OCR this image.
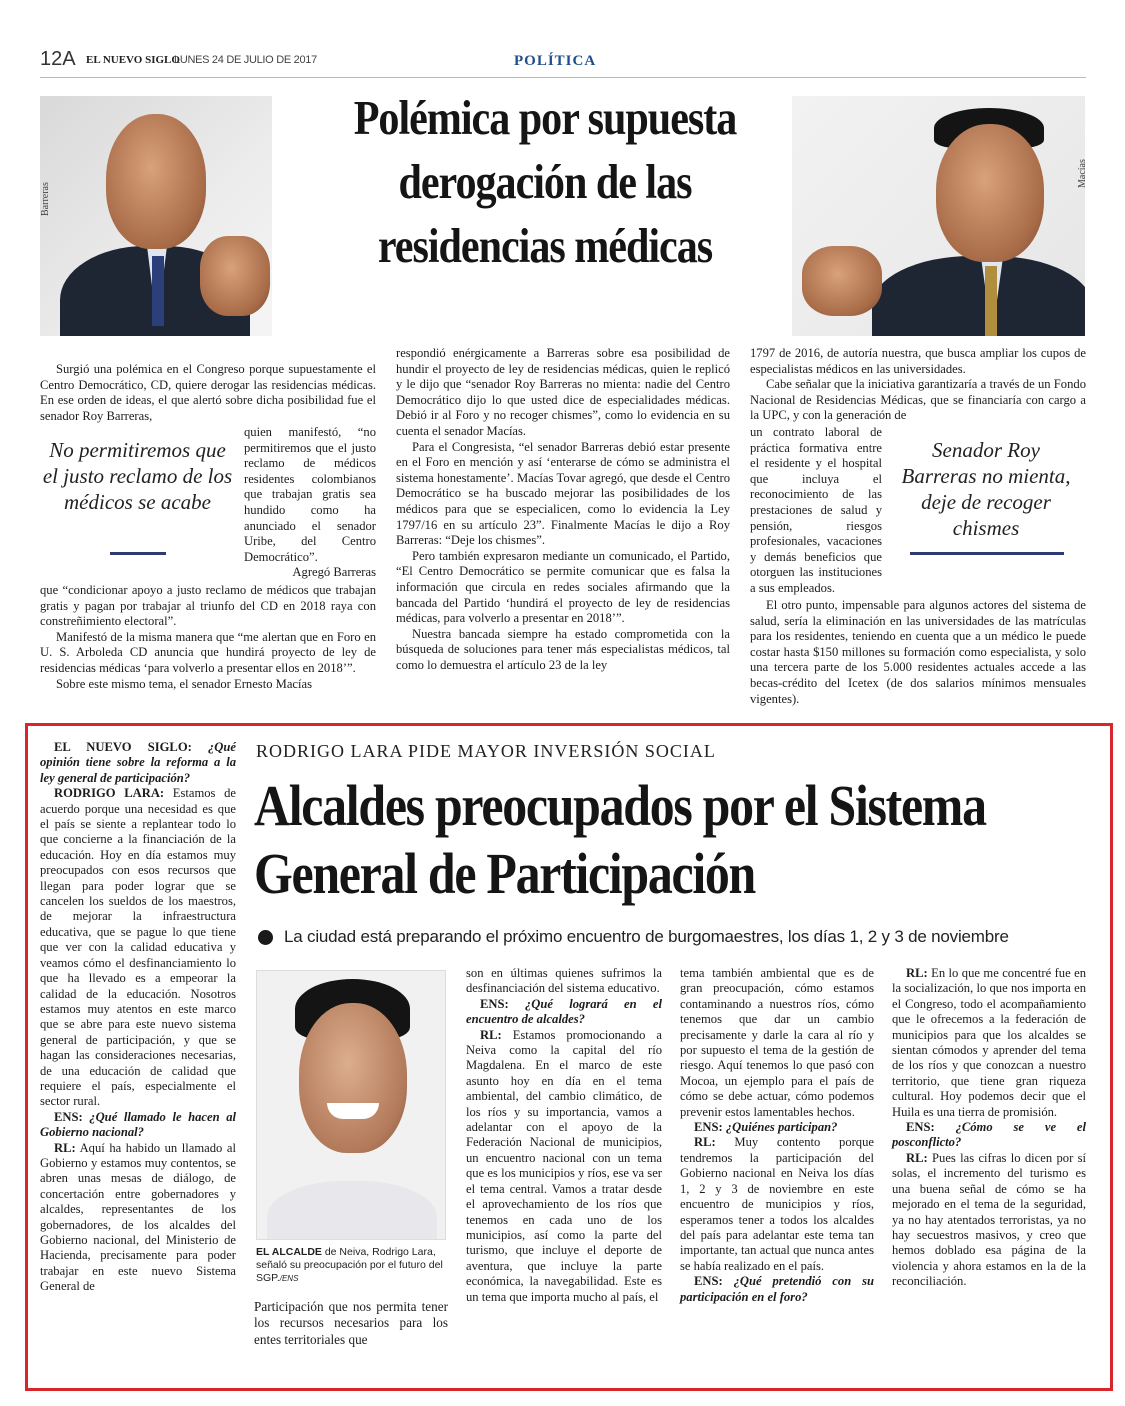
12A EL NUEVO SIGLO
LUNES 24 DE JULIO DE 2017	POLÍTICA
Barreras
Macías
Polémica por supuesta derogación de las residencias médicas

Surgió una polémica en el Congreso porque supuestamente el Centro Democrático, CD, quiere derogar las residencias médicas. En ese orden de ideas, el que alertó sobre dicha posibilidad fue el senador Roy Barreras,

quien manifestó, “no permitiremos que el justo reclamo de médicos residentes colombianos que trabajan gratis sea hundido como ha anunciado el senador Uribe, del Centro Democrático”.

Agregó Barreras

No permitiremos que el justo reclamo de los médicos se acabe

que “condicionar apoyo a justo reclamo de médicos que trabajan gratis y pagan por trabajar al triunfo del CD en 2018 raya con constreñimiento electoral”.

Manifestó de la misma manera que “me alertan que en Foro en U. S. Arboleda CD anuncia que hundirá proyecto de ley de residencias médicas ‘para volverlo a presentar ellos en 2018’”.

Sobre este mismo tema, el senador Ernesto Macías

respondió enérgicamente a Barreras sobre esa posibilidad de hundir el proyecto de ley de residencias médicas, quien le replicó y le dijo que “senador Roy Barreras no mienta: nadie del Centro Democrático dijo lo que usted dice de especialidades médicas. Debió ir al Foro y no recoger chismes”, como lo evidencia en su cuenta el senador Macías.

Para el Congresista, “el senador Barreras debió estar presente en el Foro en mención y así ‘enterarse de cómo se administra el sistema honestamente’. Macías Tovar agregó, que desde el Centro Democrático se ha buscado mejorar las posibilidades de los médicos para que se especialicen, como lo evidencia la Ley 1797/16 en su artículo 23”. Finalmente Macías le dijo a Roy Barreras: “Deje los chismes”.

Pero también expresaron mediante un comunicado, el Partido, “El Centro Democrático se permite comunicar que es falsa la información que circula en redes sociales afirmando que la bancada del Partido ‘hundirá el proyecto de ley de residencias médicas, para volverlo a presentar en 2018’”.

Nuestra bancada siempre ha estado comprometida con la búsqueda de soluciones para tener más especialistas médicos, tal como lo demuestra el artículo 23 de la ley

1797 de 2016, de autoría nuestra, que busca ampliar los cupos de especialistas médicos en las universidades.

Cabe señalar que la iniciativa garantizaría a través de un Fondo Nacional de Residencias Médicas, que se financiaría con cargo a la UPC, y con la generación de

un contrato laboral de práctica formativa entre el residente y el hospital que incluya el reconocimiento de las prestaciones de salud y pensión, riesgos profesionales, vacaciones y demás beneficios que otorguen las instituciones a sus empleados.

Senador Roy Barreras no mienta, deje de recoger chismes

El otro punto, impensable para algunos actores del sistema de salud, sería la eliminación en las universidades de las matrículas para los residentes, teniendo en cuenta que a un médico le puede costar hasta $150 millones su formación como especialista, y solo una tercera parte de los 5.000 residentes actuales accede a las becas-crédito del Icetex (de dos salarios mínimos mensuales vigentes).

EL NUEVO SIGLO: ¿Qué opinión tiene sobre la reforma a la ley general de participación?

RODRIGO LARA: Estamos de acuerdo porque una necesidad es que el país se siente a replantear todo lo que concierne a la financiación de la educación. Hoy en día estamos muy preocupados con esos recursos que llegan para poder lograr que se cancelen los sueldos de los maestros, de mejorar la infraestructura educativa, que se pague lo que tiene que ver con la calidad educativa y veamos cómo el desfinanciamiento lo que ha llevado es a empeorar la calidad de la educación. Nosotros estamos muy atentos en este marco que se abre para este nuevo sistema general de participación, y que se hagan las consideraciones necesarias, de una educación de calidad que requiere el país, especialmente el sector rural.

ENS: ¿Qué llamado le hacen al Gobierno nacional?

RL: Aquí ha habido un llamado al Gobierno y estamos muy contentos, se abren unas mesas de diálogo, de concertación entre gobernadores y alcaldes, representantes de los gobernadores, de los alcaldes del Gobierno nacional, del Ministerio de Hacienda, precisamente para poder trabajar en este nuevo Sistema General de

RODRIGO LARA PIDE MAYOR INVERSIÓN SOCIAL
Alcaldes preocupados por el Sistema General de Participación
La ciudad está preparando el próximo encuentro de burgomaestres, los días 1, 2 y 3 de noviembre
EL ALCALDE de Neiva, Rodrigo Lara, señaló su preocupación por el futuro del SGP./ENS

Participación que nos permita tener los recursos necesarios para los entes territoriales que

son en últimas quienes sufrimos la desfinanciación del sistema educativo.

ENS: ¿Qué logrará en el encuentro de alcaldes?

RL: Estamos promocionando a Neiva como la capital del río Magdalena. En el marco de este asunto hoy en día en el tema ambiental, del cambio climático, de los ríos y su importancia, vamos a adelantar con el apoyo de la Federación Nacional de municipios, un encuentro nacional con un tema que es los municipios y ríos, ese va ser el tema central. Vamos a tratar desde el aprovechamiento de los ríos que tenemos en cada uno de los municipios, así como la parte del turismo, que incluye el deporte de aventura, que incluye la parte económica, la navegabilidad. Este es un tema que importa mucho al país, el

tema también ambiental que es de gran preocupación, cómo estamos contaminando a nuestros ríos, cómo tenemos que dar un cambio precisamente y darle la cara al río y por supuesto el tema de la gestión de riesgo. Aquí tenemos lo que pasó con Mocoa, un ejemplo para el país de cómo se debe actuar, cómo podemos prevenir estos lamentables hechos.

ENS: ¿Quiénes participan?

RL: Muy contento porque tendremos la participación del Gobierno nacional en Neiva los días 1, 2 y 3 de noviembre en este encuentro de municipios y ríos, esperamos tener a todos los alcaldes del país para adelantar este tema tan importante, tan actual que nunca antes se había realizado en el país.

ENS: ¿Qué pretendió con su participación en el foro?

RL: En lo que me concentré fue en la socialización, lo que nos importa en el Congreso, todo el acompañamiento que le ofrecemos a la federación de municipios para que los alcaldes se sientan cómodos y aprender del tema de los ríos y que conozcan a nuestro territorio, que tiene gran riqueza cultural. Hoy podemos decir que el Huila es una tierra de promisión.

ENS: ¿Cómo se ve el posconflicto?

RL: Pues las cifras lo dicen por sí solas, el incremento del turismo es una buena señal de cómo se ha mejorado en el tema de la seguridad, ya no hay atentados terroristas, ya no hay secuestros masivos, y creo que hemos doblado esa página de la violencia y ahora estamos en la de la reconciliación.
